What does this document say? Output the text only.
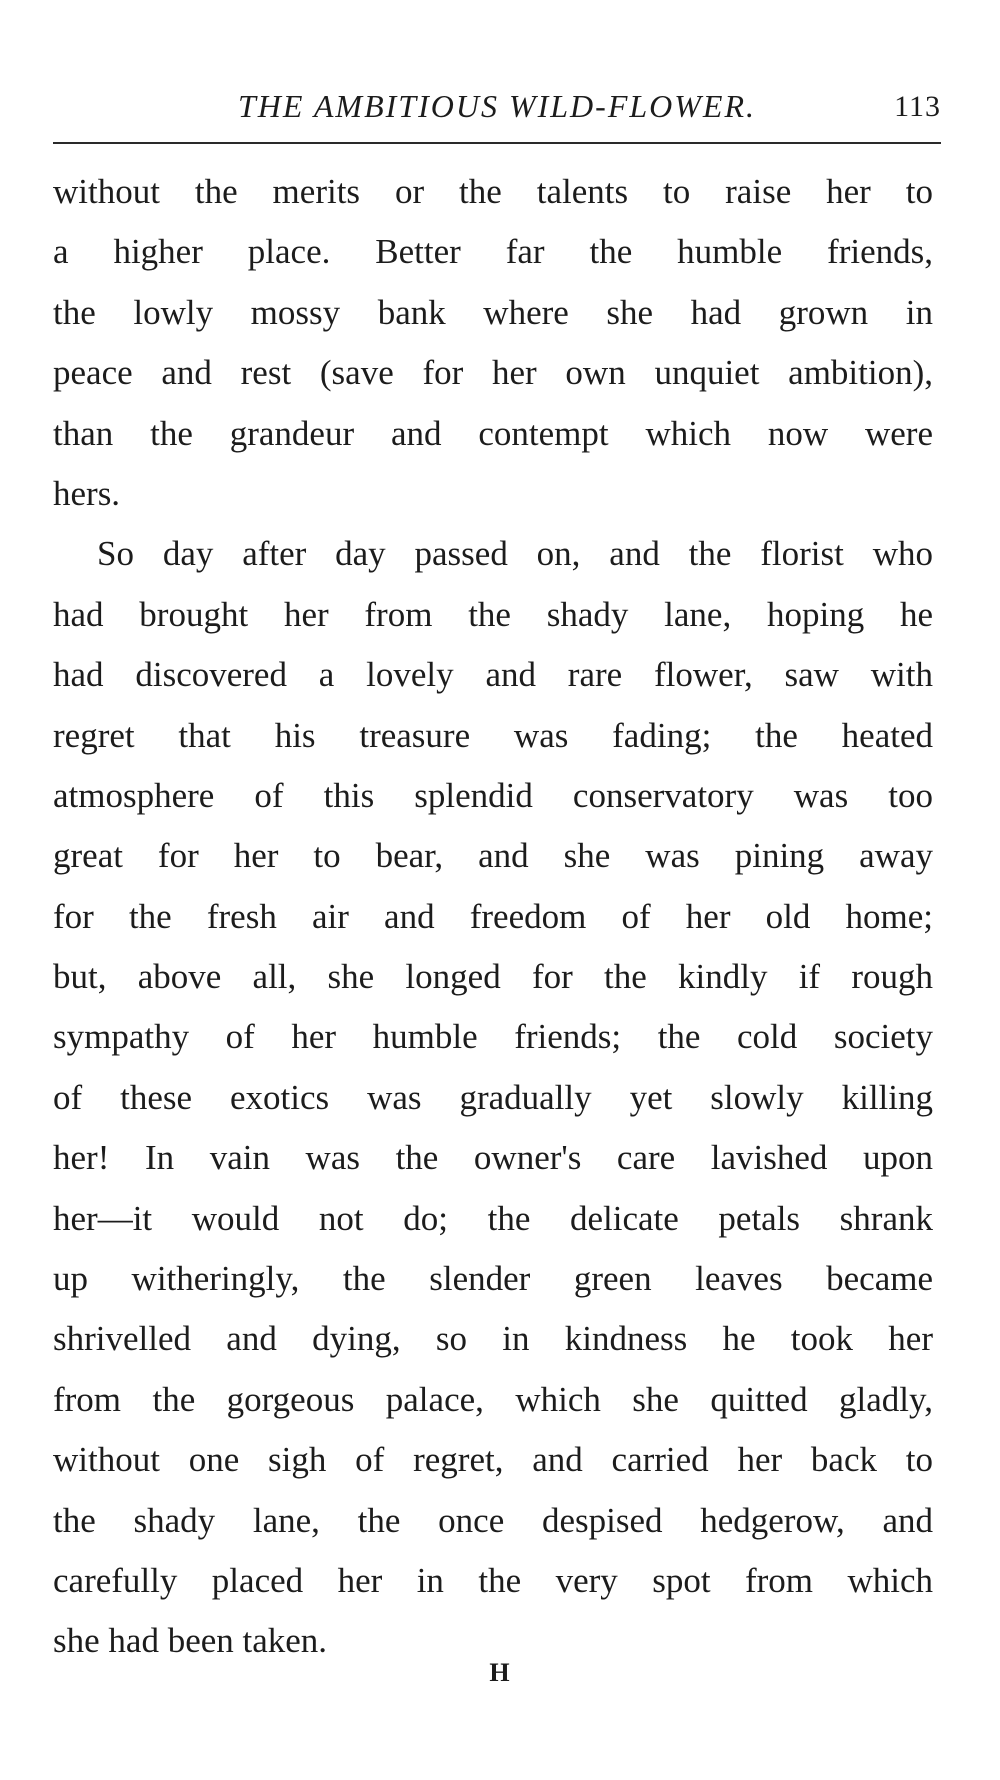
THE AMBITIOUS WILD-FLOWER.	113
without the merits or the talents to raise her to
a higher place. Better far the humble friends,
the lowly mossy bank where she had grown in
peace and rest (save for her own unquiet ambition),
than the grandeur and contempt which now were
hers.
So day after day passed on, and the florist who
had brought her from the shady lane, hoping he
had discovered a lovely and rare flower, saw with
regret that his treasure was fading; the heated
atmosphere of this splendid conservatory was too
great for her to bear, and she was pining away
for the fresh air and freedom of her old home;
but, above all, she longed for the kindly if rough
sympathy of her humble friends; the cold society
of these exotics was gradually yet slowly killing
her! In vain was the owner's care lavished upon
her—it would not do; the delicate petals shrank
up witheringly, the slender green leaves became
shrivelled and dying, so in kindness he took her
from the gorgeous palace, which she quitted gladly,
without one sigh of regret, and carried her back to
the shady lane, the once despised hedgerow, and
carefully placed her in the very spot from which
she had been taken.
H
